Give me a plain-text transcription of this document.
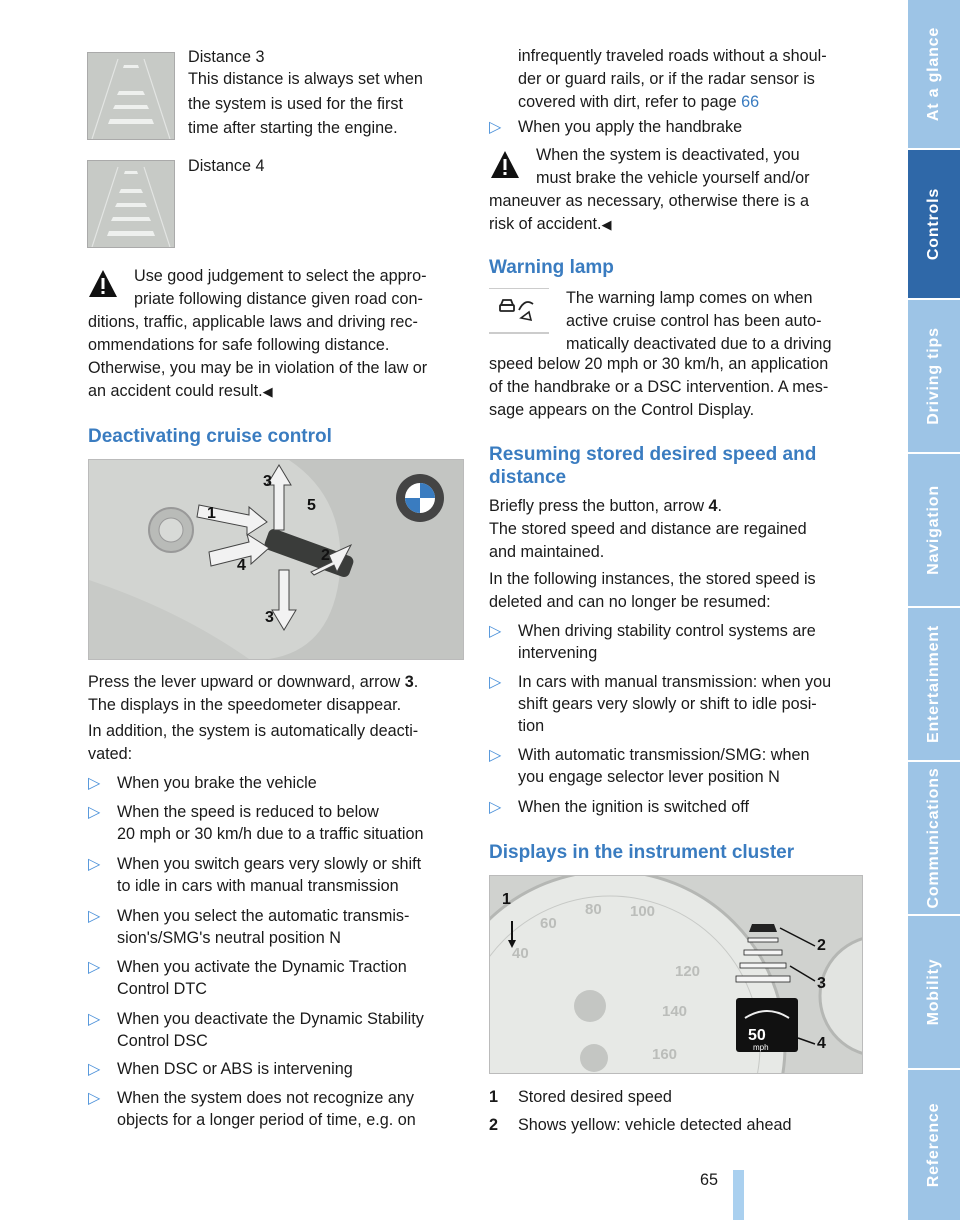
At a glance
Controls
Driving tips
Navigation
Entertainment
Communications
Mobility
Reference
Distance 3
This distance is always set when
the system is used for the first
time after starting the engine.
Distance 4
Use good judgement to select the appro-
priate following distance given road con-
ditions, traffic, applicable laws and driving rec-
ommendations for safe following distance.
Otherwise, you may be in violation of the law or
an accident could result.◀
Deactivating cruise control
1
2
3
3
4
5
Press the lever upward or downward, arrow 3.
The displays in the speedometer disappear.
In addition, the system is automatically deacti-
vated:
▷ When you brake the vehicle
▷ When the speed is reduced to below
20 mph or 30 km/h due to a traffic situation
▷ When you switch gears very slowly or shift
to idle in cars with manual transmission
▷ When you select the automatic transmis-
sion's/SMG's neutral position N
▷ When you activate the Dynamic Traction
Control DTC
▷ When you deactivate the Dynamic Stability
Control DSC
▷ When DSC or ABS is intervening
▷ When the system does not recognize any
objects for a longer period of time, e.g. on
infrequently traveled roads without a shoul-
der or guard rails, or if the radar sensor is
covered with dirt, refer to page 66
▷ When you apply the handbrake
When the system is deactivated, you
must brake the vehicle yourself and/or
maneuver as necessary, otherwise there is a
risk of accident.◀
Warning lamp
The warning lamp comes on when
active cruise control has been auto-
matically deactivated due to a driving
speed below 20 mph or 30 km/h, an application
of the handbrake or a DSC intervention. A mes-
sage appears on the Control Display.
Resuming stored desired speed and
distance
Briefly press the button, arrow 4.
The stored speed and distance are regained
and maintained.
In the following instances, the stored speed is
deleted and can no longer be resumed:
▷ When driving stability control systems are
intervening
▷ In cars with manual transmission: when you
shift gears very slowly or shift to idle posi-
tion
▷ With automatic transmission/SMG: when
you engage selector lever position N
▷ When the ignition is switched off
Displays in the instrument cluster
40
60
80 100
120
140
160
50
mph
1
2
3
4
1 Stored desired speed
2 Shows yellow: vehicle detected ahead
65
